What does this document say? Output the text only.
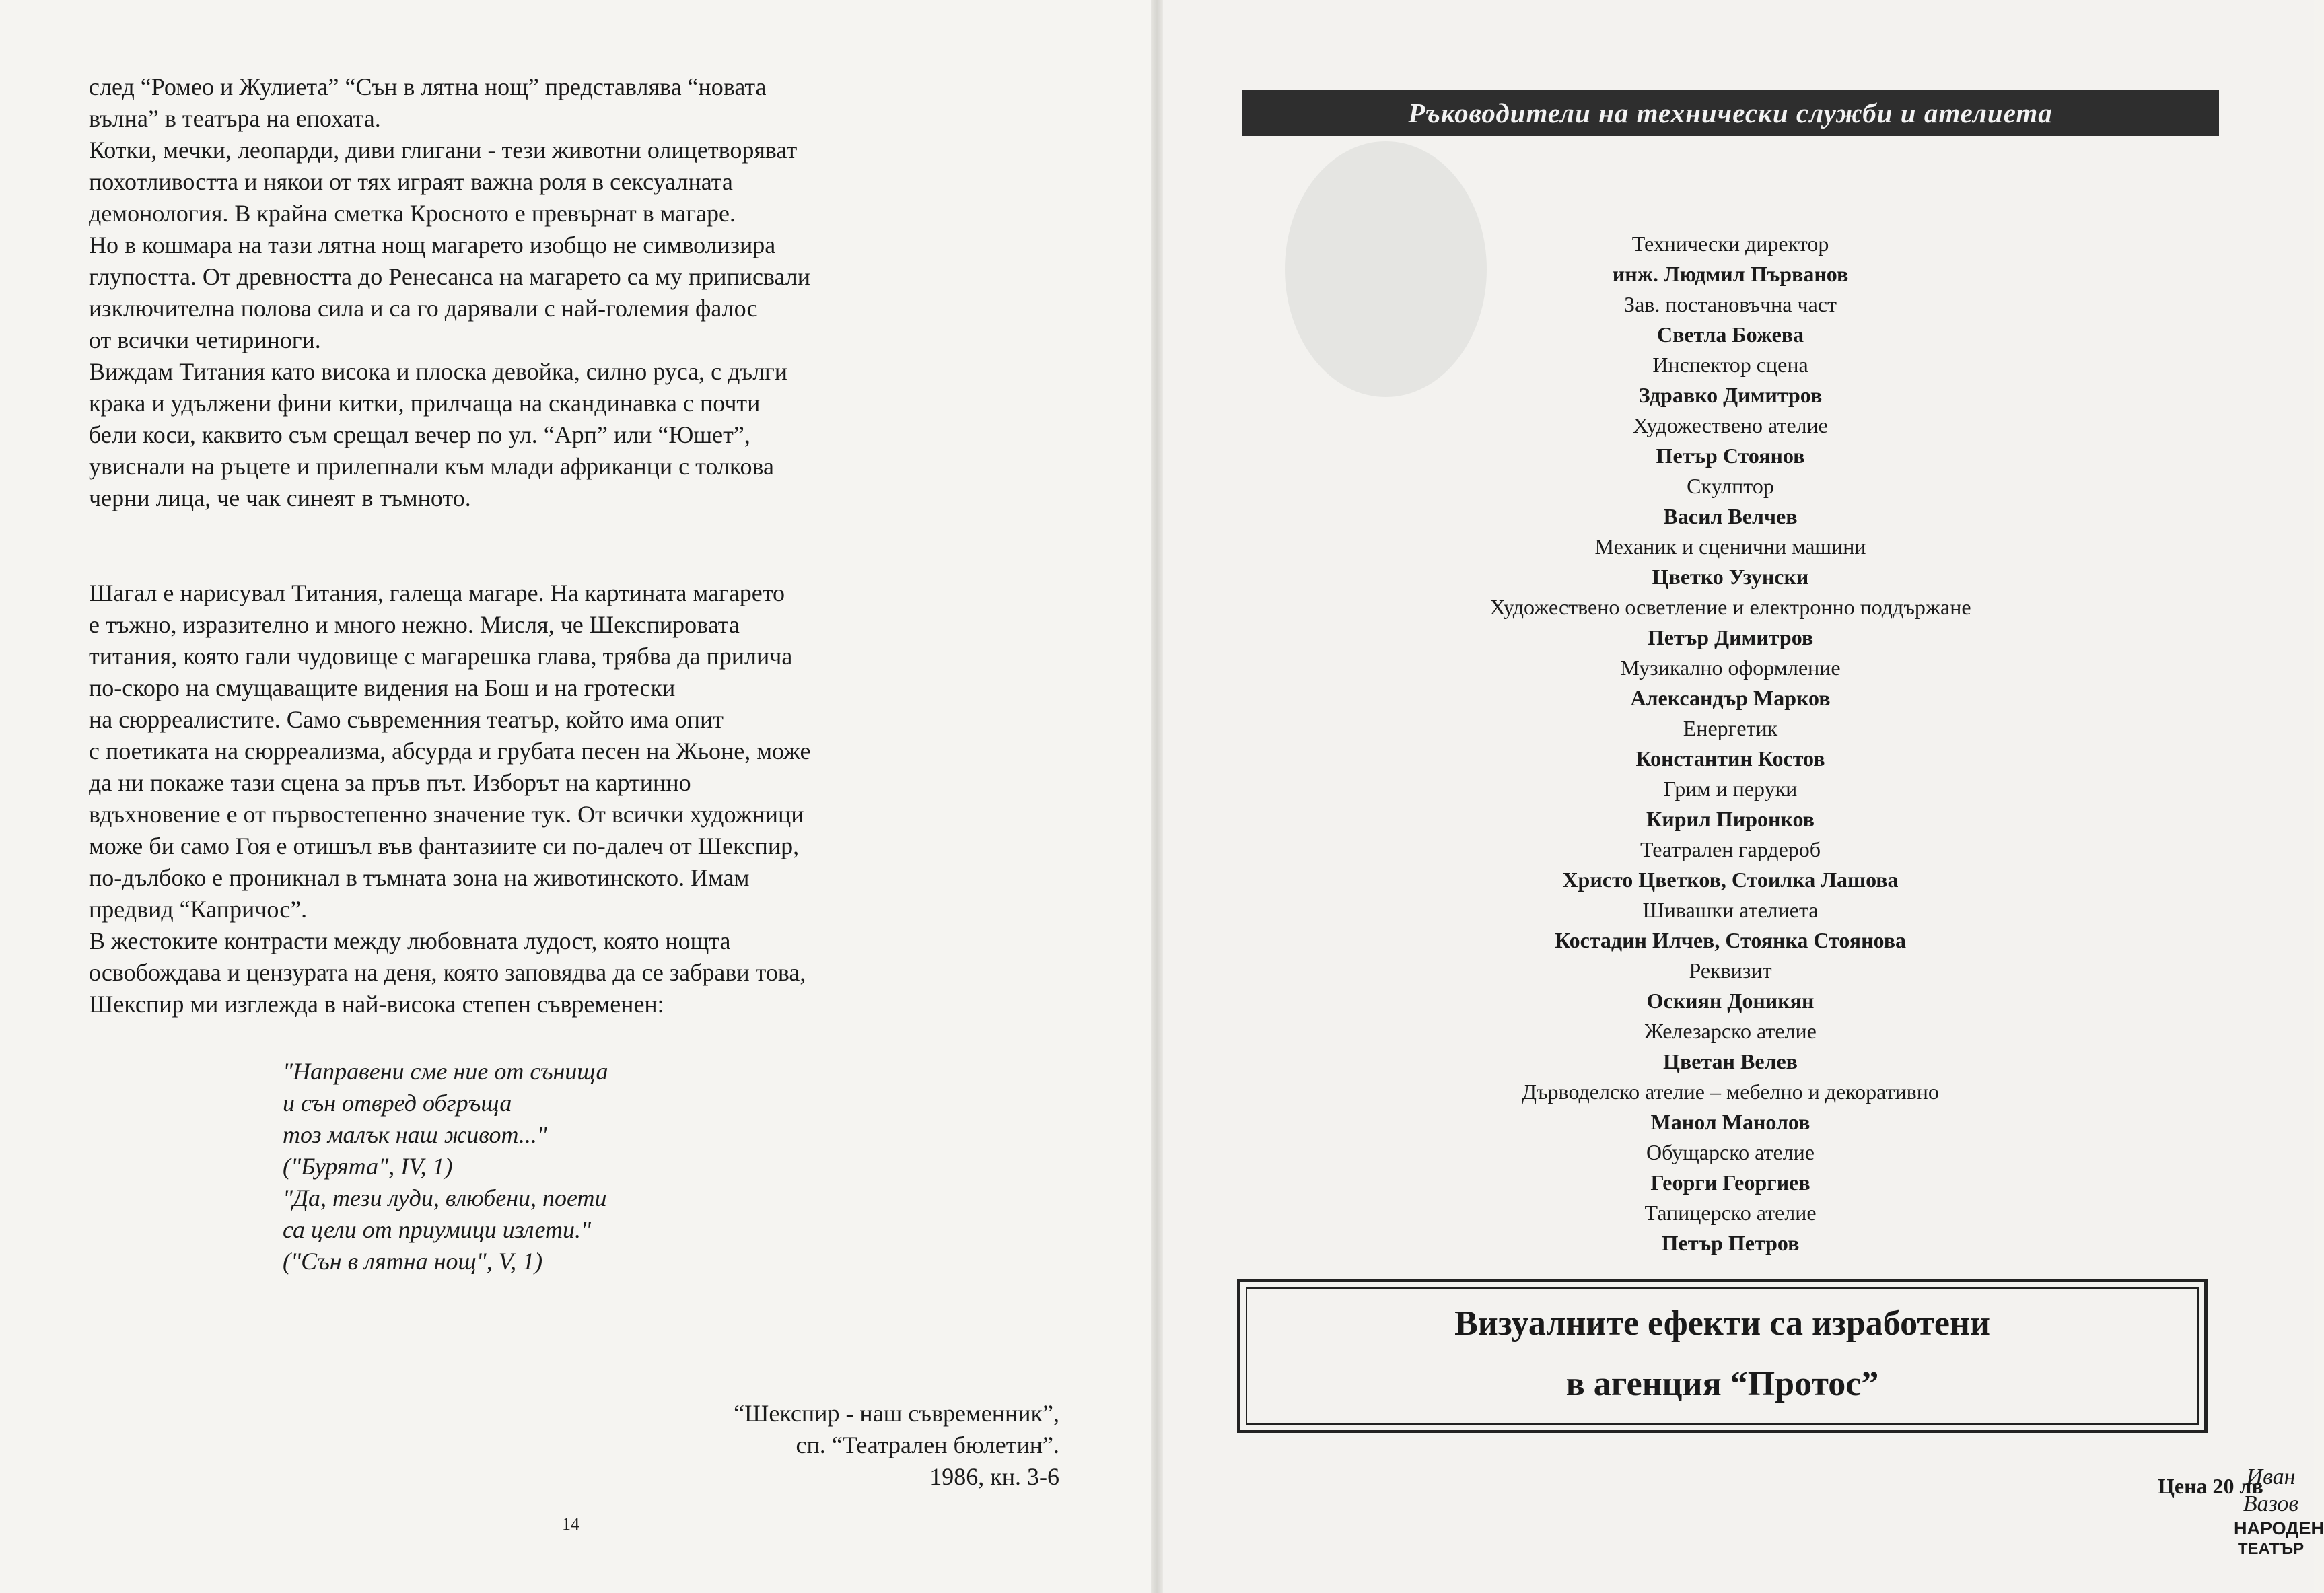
след “Ромео и Жулиета” “Сън в лятна нощ” представлява “новата

вълна” в театъра на епохата.

Котки, мечки, леопарди, диви глигани - тези животни олицетворяват

похотливостта и някои от тях играят важна роля в сексуалната

демонология. В крайна сметка Кросното е превърнат в магаре.

Но в кошмара на тази лятна нощ магарето изобщо не символизира

глупостта. От древността до Ренесанса на магарето са му приписвали

изключителна полова сила и са го дарявали с най-големия фалос

от всички четириноги.

Виждам Титания като висока и плоска девойка, силно руса, с дълги

крака и удължени фини китки, прилчаща на скандинавка с почти

бели коси, каквито съм срещал вечер по ул. “Арп” или “Юшет”,

увиснали на ръцете и прилепнали към млади африканци с толкова

черни лица, че чак синеят в тъмното.

Шагал е нарисувал Титания, галеща магаре. На картината магарето

е тъжно, изразително и много нежно. Мисля, че Шекспировата

титания, която гали чудовище с магарешка глава, трябва да прилича

по-скоро на смущаващите видения на Бош и на гротески

на сюрреалистите. Само съвременния театър, който има опит

с поетиката на сюрреализма, абсурда и грубата песен на Жьоне, може

да ни покаже тази сцена за пръв път. Изборът на картинно

вдъхновение е от първостепенно значение тук. От всички художници

може би само Гоя е отишъл във фантазиите си по-далеч от Шекспир,

по-дълбоко е проникнал в тъмната зона на животинското. Имам

предвид “Капричос”.

В жестоките контрасти между любовната лудост, която нощта

освобождава и цензурата на деня, която заповядва да се забрави това,

Шекспир ми изглежда в най-висока степен съвременен:

"Направени сме ние от сънища
и сън отвред обгръща
тоз малък наш живот..."
("Бурята", IV, 1)
"Да, тези луди, влюбени, поети
са цели от приумици излети."
("Сън в лятна нощ", V, 1)
“Шекспир - наш съвременник”,
сп. “Театрален бюлетин”.
1986, кн. 3-6
14
Ръководители на технически служби и ателиета
Технически директор
инж. Людмил Първанов
Зав. постановъчна част
Светла Божева
Инспектор сцена
Здравко Димитров
Художествено ателие
Петър Стоянов
Скулптор
Васил Велчев
Механик и сценични машини
Цветко Узунски
Художествено осветление и електронно поддържане
Петър Димитров
Музикално оформление
Александър Марков
Енергетик
Константин Костов
Грим и перуки
Кирил Пиронков
Театрален гардероб
Христо Цветков, Стоилка Лашова
Шивашки ателиета
Костадин Илчев, Стоянка Стоянова
Реквизит
Оскиян Доникян
Железарско ателие
Цветан Велев
Дърводелско ателие – мебелно и декоративно
Манол Манолов
Обущарско ателие
Георги Георгиев
Тапицерско ателие
Петър Петров
Визуалните ефекти са изработени
в агенция “Протос”
Цена 20 лв
Иван Вазов
НАРОДЕН
ТЕАТЪР
